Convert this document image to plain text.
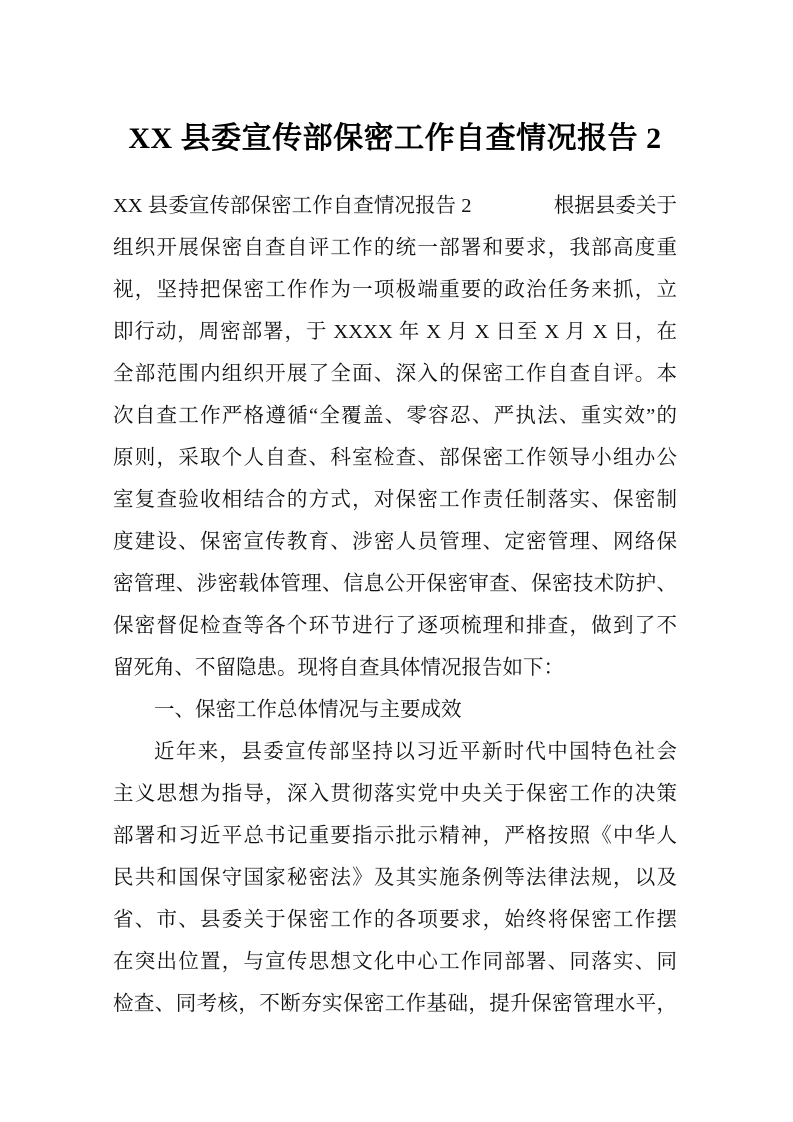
XX 县委宣传部保密工作自查情况报告 2
XX 县委宣传部保密工作自查情况报告 2　　　　根据县委关于
组织开展保密自查自评工作的统一部署和要求，我部高度重
视，坚持把保密工作作为一项极端重要的政治任务来抓，立
即行动，周密部署，于 XXXX 年 X 月 X 日至 X 月 X 日，在
全部范围内组织开展了全面、深入的保密工作自查自评。本
次自查工作严格遵循“全覆盖、零容忍、严执法、重实效”的
原则，采取个人自查、科室检查、部保密工作领导小组办公
室复查验收相结合的方式，对保密工作责任制落实、保密制
度建设、保密宣传教育、涉密人员管理、定密管理、网络保
密管理、涉密载体管理、信息公开保密审查、保密技术防护、
保密督促检查等各个环节进行了逐项梳理和排查，做到了不
留死角、不留隐患。现将自查具体情况报告如下：
一、保密工作总体情况与主要成效
近年来，县委宣传部坚持以习近平新时代中国特色社会
主义思想为指导，深入贯彻落实党中央关于保密工作的决策
部署和习近平总书记重要指示批示精神，严格按照《中华人
民共和国保守国家秘密法》及其实施条例等法律法规，以及
省、市、县委关于保密工作的各项要求，始终将保密工作摆
在突出位置，与宣传思想文化中心工作同部署、同落实、同
检查、同考核，不断夯实保密工作基础，提升保密管理水平，
